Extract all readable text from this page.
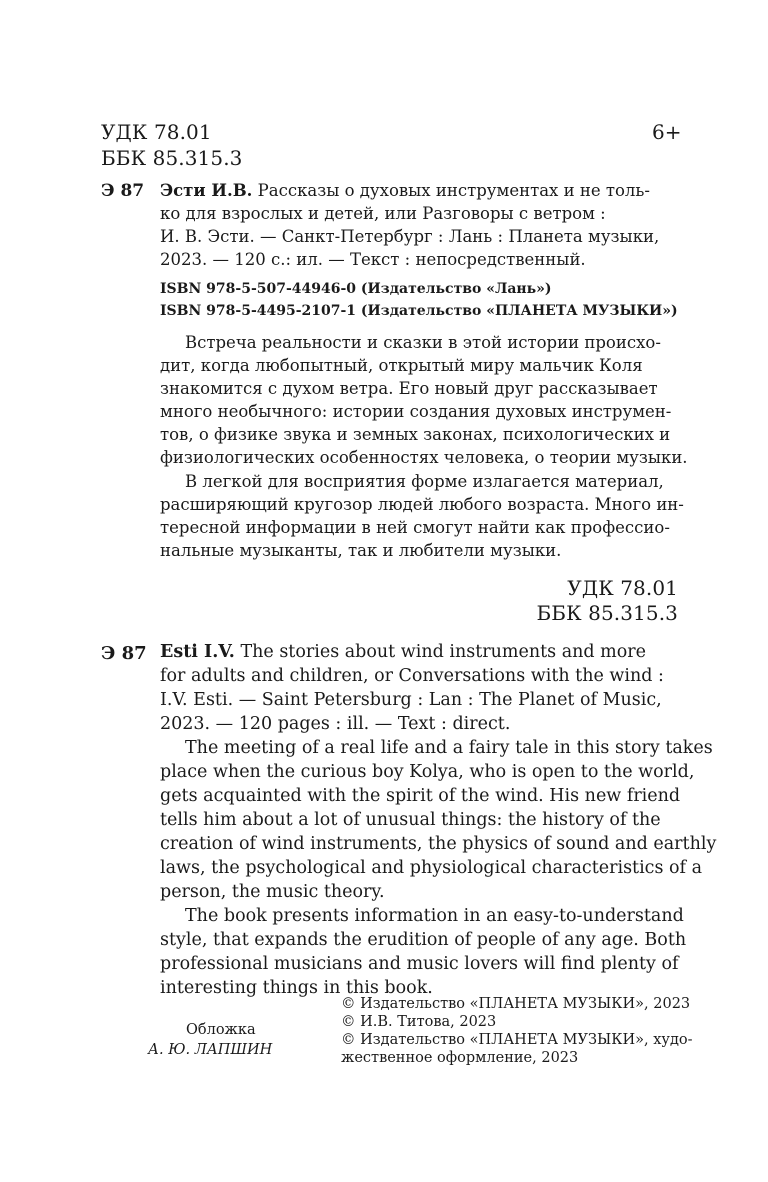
УДК 78.01
ББК 85.315.3
6+
Э 87 Эсти И.В. Рассказы о духовых инструментах и не толь-
ко для взрослых и детей, или Разговоры с ветром :
И. В. Эсти. — Санкт-Петербург : Лань : Планета музыки,
2023. — 120 с.: ил. — Текст : непосредственный.
ISBN 978-5-507-44946-0 (Издательство «Лань»)
ISBN 978-5-4495-2107-1 (Издательство «ПЛАНЕТА МУЗЫКИ»)
Встреча реальности и сказки в этой истории происхо-
дит, когда любопытный, открытый миру мальчик Коля
знакомится с духом ветра. Его новый друг рассказывает
много необычного: истории создания духовых инструмен-
тов, о физике звука и земных законах, психологических и
физиологических особенностях человека, о теории музыки.
В легкой для восприятия форме излагается материал,
расширяющий кругозор людей любого возраста. Много ин-
тересной информации в ней смогут найти как профессио-
нальные музыканты, так и любители музыки.
УДК 78.01
ББК 85.315.3
Э 87 Esti I.V. The stories about wind instruments and more
for adults and children, or Conversations with the wind :
I.V. Esti. — Saint Petersburg : Lan : The Planet of Music,
2023. — 120 pages : ill. — Text : direct.
The meeting of a real life and a fairy tale in this story takes
place when the curious boy Kolya, who is open to the world,
gets acquainted with the spirit of the wind. His new friend
tells him about a lot of unusual things: the history of the
creation of wind instruments, the physics of sound and earthly
laws, the psychological and physiological characteristics of a
person, the music theory.
The book presents information in an easy-to-understand
style, that expands the erudition of people of any age. Both
professional musicians and music lovers will find plenty of
interesting things in this book.
Обложка
А. Ю. ЛАПШИН
© Издательство «ПЛАНЕТА МУЗЫКИ», 2023
© И.В. Титова, 2023
© Издательство «ПЛАНЕТА МУЗЫКИ», худо-
жественное оформление, 2023
